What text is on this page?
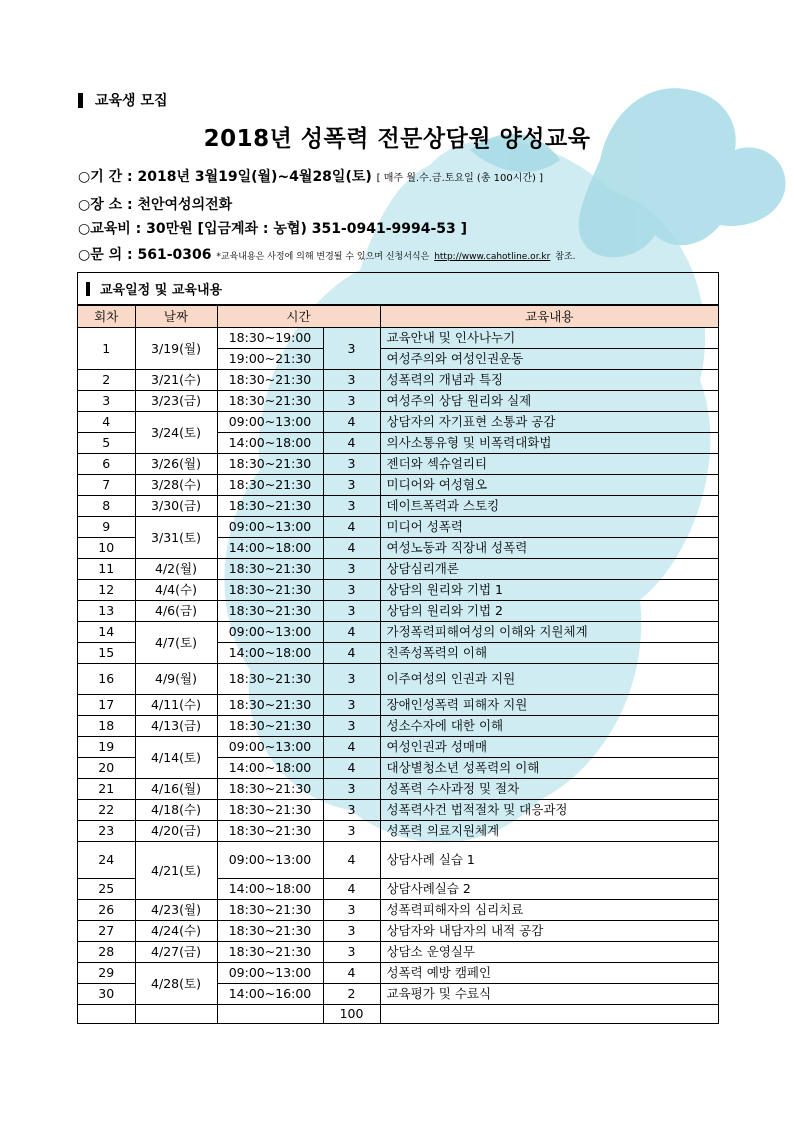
교육생 모집
2018년 성폭력 전문상담원 양성교육
○기 간 : 2018년 3월19일(월)~4월28일(토) [ 매주 월.수.금.토요일 (총 100시간) ]
○장 소 : 천안여성의전화
○교육비 : 30만원 [입금계좌 : 농협) 351-0941-9994-53 ]
○문 의 : 561-0306 *교육내용은 사정에 의해 변경될 수 있으며 신청서식은 http://www.cahotline.or.kr 참조.
교육일정 및 교육내용
회차	날짜	시간		교육내용
1	3/19(월)	18:30~19:00	3	교육안내 및 인사나누기
		19:00~21:30		여성주의와 여성인권운동
2	3/21(수)	18:30~21:30	3	성폭력의 개념과 특징
3	3/23(금)	18:30~21:30	3	여성주의 상담 원리와 실제
4	3/24(토)	09:00~13:00	4	상담자의 자기표현 소통과 공감
5		14:00~18:00	4	의사소통유형 및 비폭력대화법
6	3/26(월)	18:30~21:30	3	젠더와 섹슈얼리티
7	3/28(수)	18:30~21:30	3	미디어와 여성혐오
8	3/30(금)	18:30~21:30	3	데이트폭력과 스토킹
9	3/31(토)	09:00~13:00	4	미디어 성폭력
10		14:00~18:00	4	여성노동과 직장내 성폭력
11	4/2(월)	18:30~21:30	3	상담심리개론
12	4/4(수)	18:30~21:30	3	상담의 원리와 기법 1
13	4/6(금)	18:30~21:30	3	상담의 원리와 기법 2
14	4/7(토)	09:00~13:00	4	가정폭력피해여성의 이해와 지원체계
15		14:00~18:00	4	친족성폭력의 이해
16	4/9(월)	18:30~21:30	3	이주여성의 인권과 지원
17	4/11(수)	18:30~21:30	3	장애인성폭력 피해자 지원
18	4/13(금)	18:30~21:30	3	성소수자에 대한 이해
19	4/14(토)	09:00~13:00	4	여성인권과 성매매
20		14:00~18:00	4	대상별청소년 성폭력의 이해
21	4/16(월)	18:30~21:30	3	성폭력 수사과정 및 절차
22	4/18(수)	18:30~21:30	3	성폭력사건 법적절차 및 대응과정
23	4/20(금)	18:30~21:30	3	성폭력 의료지원체계
24	4/21(토)	09:00~13:00	4	상담사례 실습 1
25		14:00~18:00	4	상담사례실습 2
26	4/23(월)	18:30~21:30	3	성폭력피해자의 심리치료
27	4/24(수)	18:30~21:30	3	상담자와 내담자의 내적 공감
28	4/27(금)	18:30~21:30	3	상담소 운영실무
29	4/28(토)	09:00~13:00	4	성폭력 예방 캠페인
30		14:00~16:00	2	교육평가 및 수료식
			100	
